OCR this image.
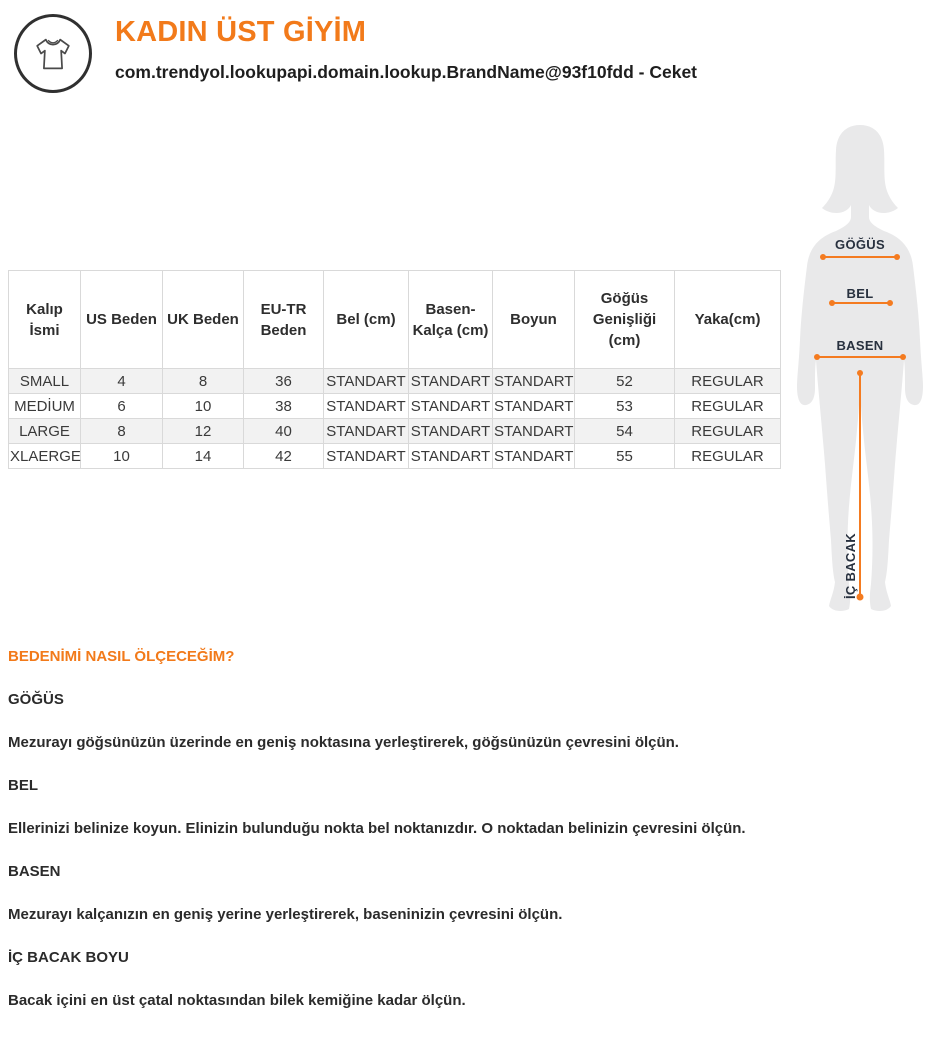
KADIN ÜST GİYİM
com.trendyol.lookupapi.domain.lookup.BrandName@93f10fdd - Ceket
Kalıp İsmi	US Beden	UK Beden	EU-TR Beden	Bel (cm)	Basen-Kalça (cm)	Boyun	Göğüs Genişliği (cm)	Yaka(cm)
SMALL	4	8	36	STANDART	STANDART	STANDART	52	REGULAR
MEDİUM	6	10	38	STANDART	STANDART	STANDART	53	REGULAR
LARGE	8	12	40	STANDART	STANDART	STANDART	54	REGULAR
XLAERGE	10	14	42	STANDART	STANDART	STANDART	55	REGULAR
GÖĞÜS
BEL
BASEN
İÇ BACAK

BEDENİMİ NASIL ÖLÇECEĞİM?

GÖĞÜS

Mezurayı göğsünüzün üzerinde en geniş noktasına yerleştirerek, göğsünüzün çevresini ölçün.

BEL

Ellerinizi belinize koyun. Elinizin bulunduğu nokta bel noktanızdır. O noktadan belinizin çevresini ölçün.

BASEN

Mezurayı kalçanızın en geniş yerine yerleştirerek, baseninizin çevresini ölçün.

İÇ BACAK BOYU

Bacak içini en üst çatal noktasından bilek kemiğine kadar ölçün.
